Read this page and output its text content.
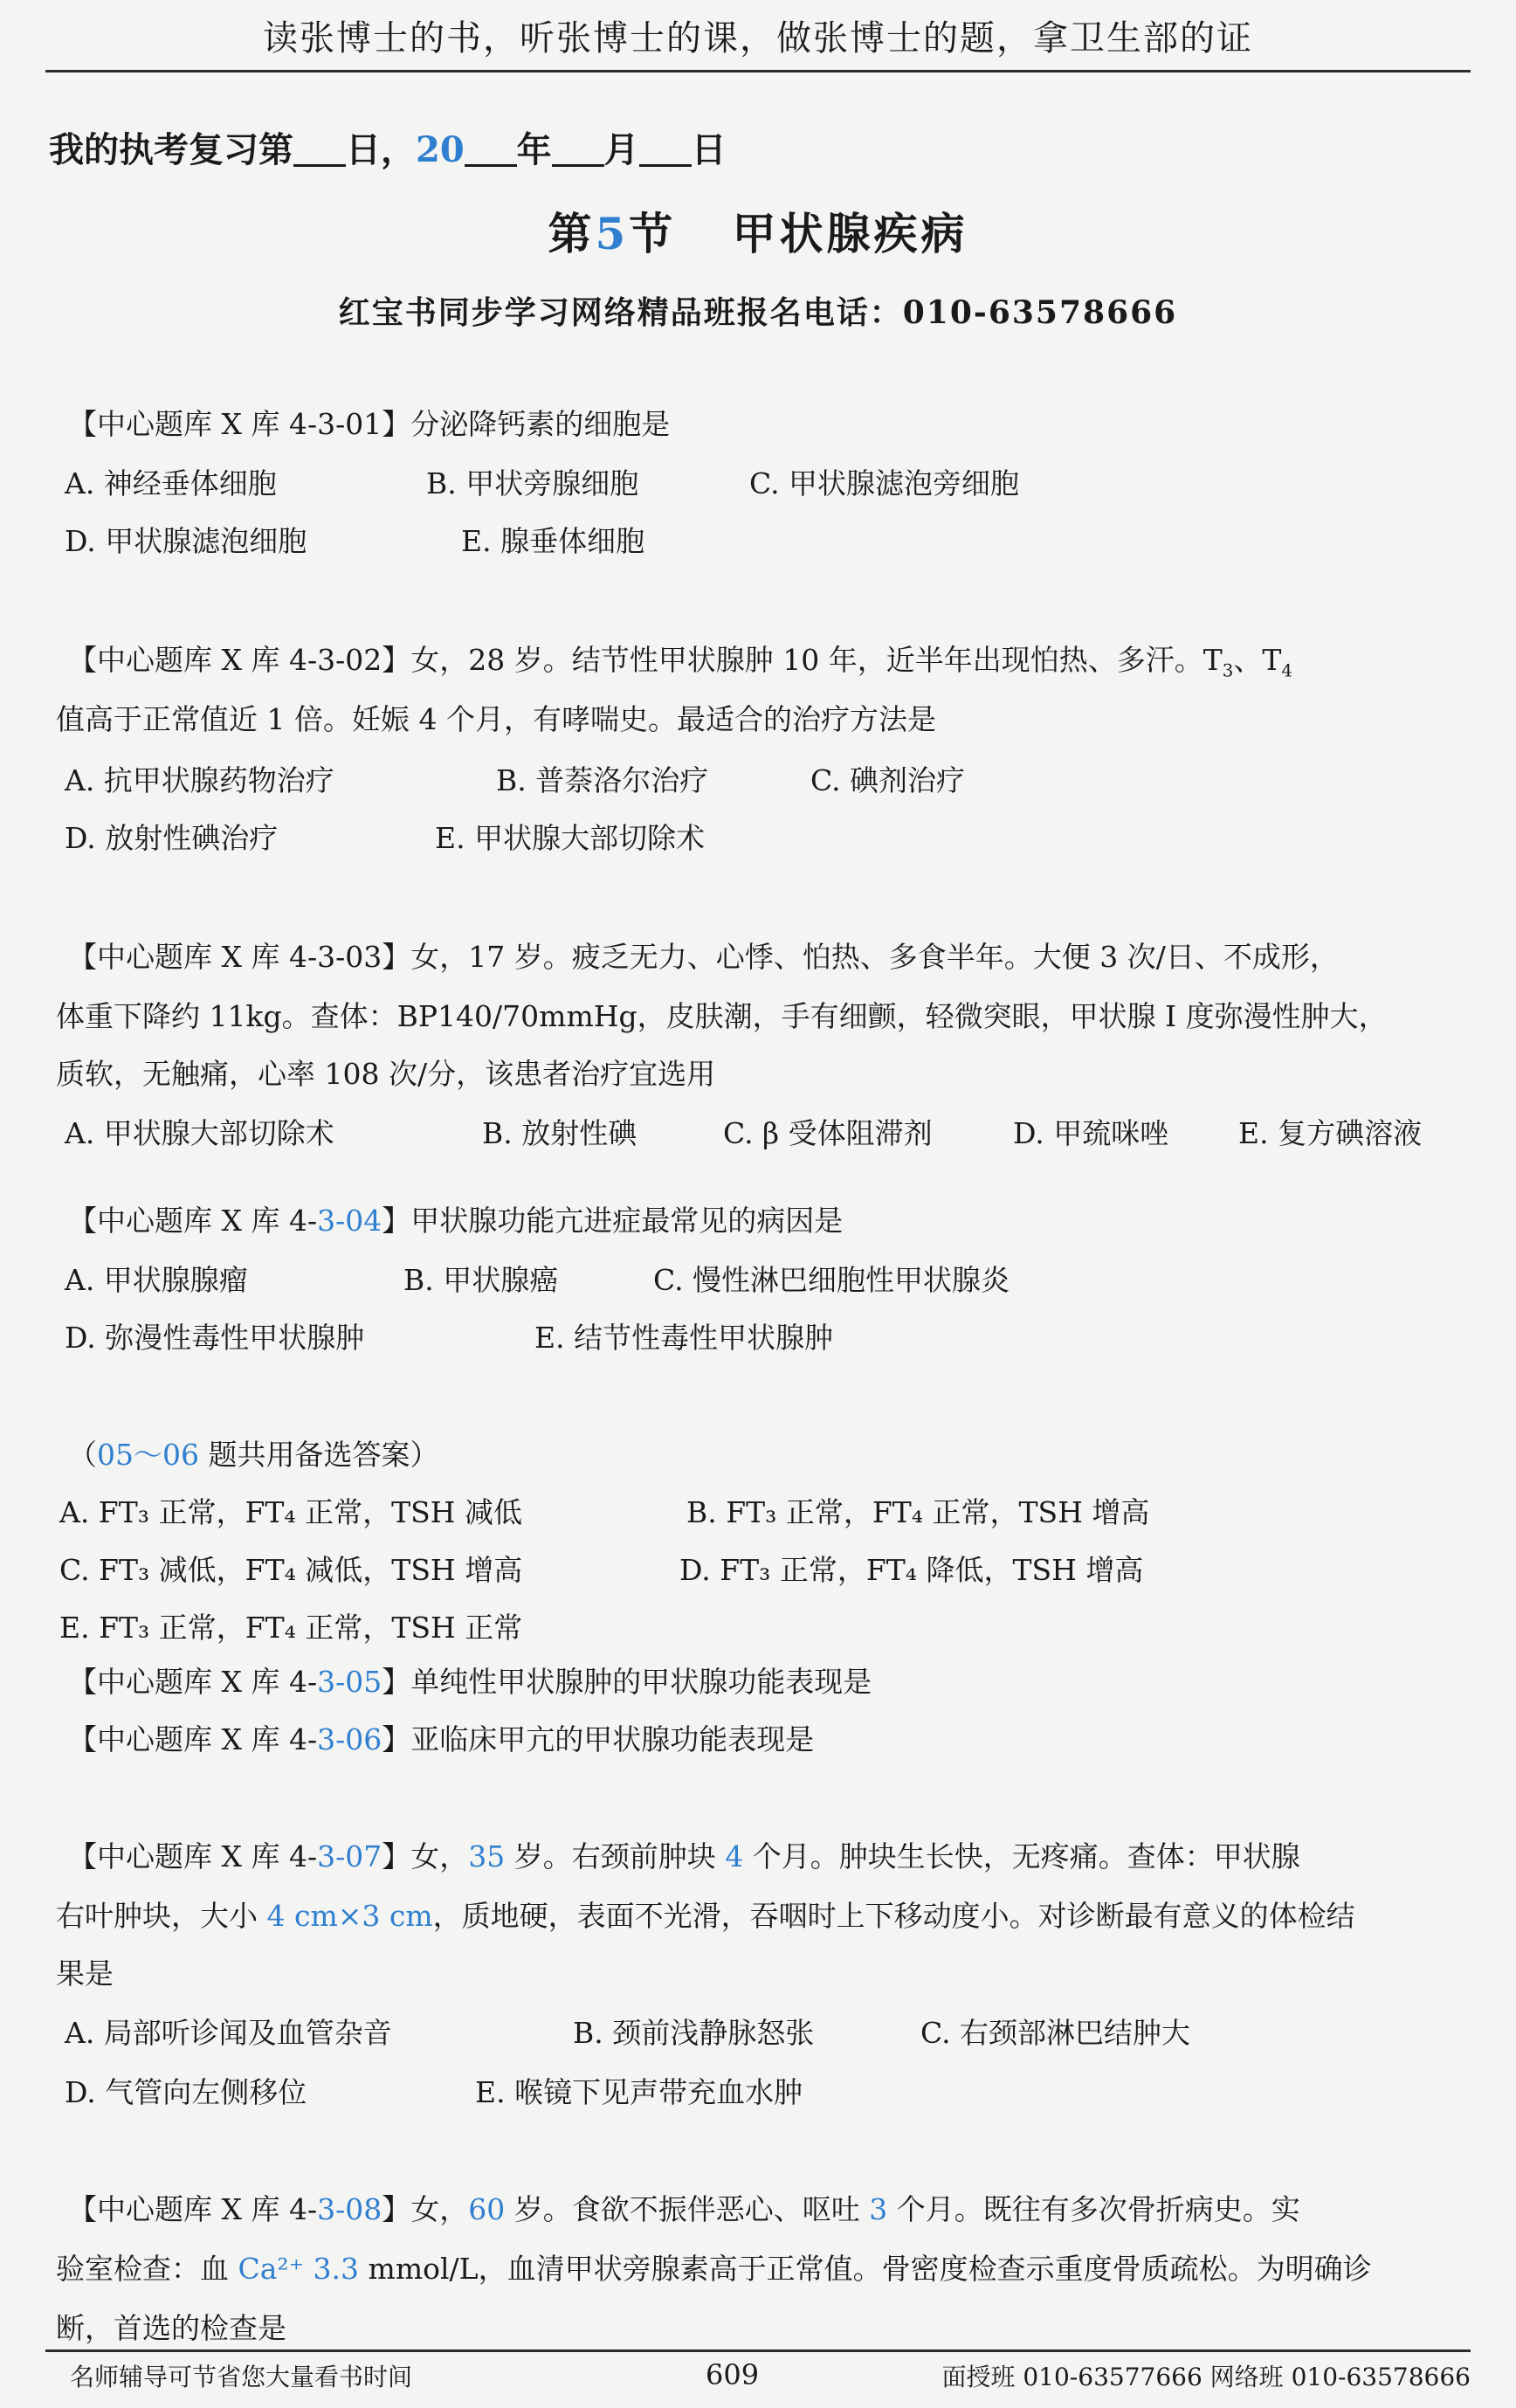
读张博士的书，听张博士的课，做张博士的题，拿卫生部的证
我的执考复习第 日，20 年 月 日
第5节 甲状腺疾病
红宝书同步学习网络精品班报名电话：010-63578666
【中心题库 X 库 4-3-01】分泌降钙素的细胞是
A. 神经垂体细胞	B. 甲状旁腺细胞	C. 甲状腺滤泡旁细胞
D. 甲状腺滤泡细胞	E. 腺垂体细胞
【中心题库 X 库 4-3-02】女，28 岁。结节性甲状腺肿 10 年，近半年出现怕热、多汗。$T_3$、$T_4$
值高于正常值近 1 倍。妊娠 4 个月，有哮喘史。最适合的治疗方法是
A. 抗甲状腺药物治疗	B. 普萘洛尔治疗	C. 碘剂治疗
D. 放射性碘治疗	E. 甲状腺大部切除术
【中心题库 X 库 4-3-03】女，17 岁。疲乏无力、心悸、怕热、多食半年。大便 3 次/日、不成形，
体重下降约 11kg。查体：BP140/70mmHg，皮肤潮，手有细颤，轻微突眼，甲状腺 I 度弥漫性肿大，
质软，无触痛，心率 108 次/分，该患者治疗宜选用
A. 甲状腺大部切除术	B. 放射性碘	C. β 受体阻滞剂	D. 甲巯咪唑 E. 复方碘溶液
【中心题库 X 库 4-3-04】甲状腺功能亢进症最常见的病因是
A. 甲状腺腺瘤	B. 甲状腺癌	C. 慢性淋巴细胞性甲状腺炎
D. 弥漫性毒性甲状腺肿	E. 结节性毒性甲状腺肿
（05～06 题共用备选答案）
A. FT₃ 正常，FT₄ 正常，TSH 减低	B. FT₃ 正常，FT₄ 正常，TSH 增高
C. FT₃ 减低，FT₄ 减低，TSH 增高	D. FT₃ 正常，FT₄ 降低，TSH 增高
E. FT₃ 正常，FT₄ 正常，TSH 正常
【中心题库 X 库 4-3-05】单纯性甲状腺肿的甲状腺功能表现是
【中心题库 X 库 4-3-06】亚临床甲亢的甲状腺功能表现是
【中心题库 X 库 4-3-07】女，35 岁。右颈前肿块 4 个月。肿块生长快，无疼痛。查体：甲状腺
右叶肿块，大小 4 cm×3 cm，质地硬，表面不光滑，吞咽时上下移动度小。对诊断最有意义的体检结
果是
A. 局部听诊闻及血管杂音	B. 颈前浅静脉怒张	C. 右颈部淋巴结肿大
D. 气管向左侧移位	E. 喉镜下见声带充血水肿
【中心题库 X 库 4-3-08】女，60 岁。食欲不振伴恶心、呕吐 3 个月。既往有多次骨折病史。实
验室检查：血 Ca²⁺ 3.3 mmol/L，血清甲状旁腺素高于正常值。骨密度检查示重度骨质疏松。为明确诊
断，首选的检查是
名师辅导可节省您大量看书时间	609	面授班 010-63577666 网络班 010-63578666
